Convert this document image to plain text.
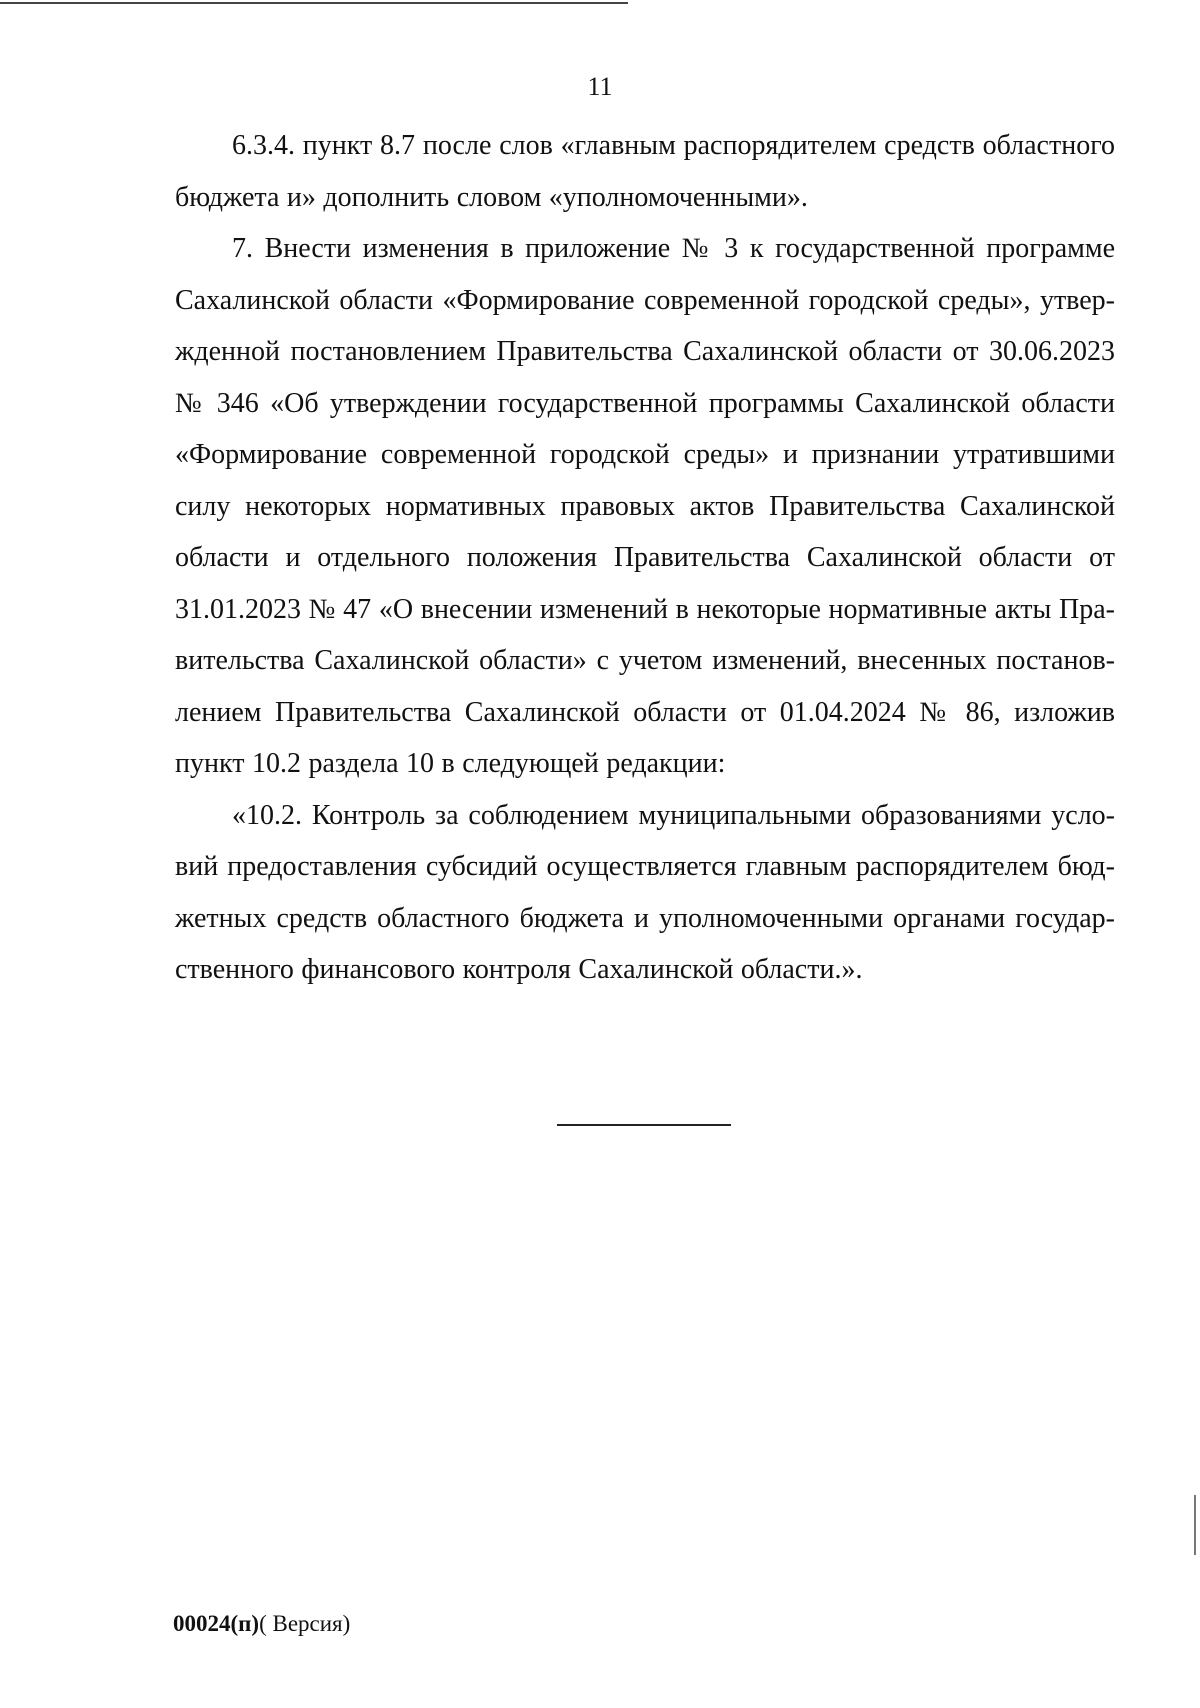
11

6.3.4. пункт 8.7 после слов «главным распорядителем средств областного бюджета и» дополнить словом «уполномоченными».

7. Внести изменения в приложение № 3 к государственной программе Сахалинской области «Формирование современной городской среды», утвержденной постановлением Правительства Сахалинской области от 30.06.2023 № 346 «Об утверждении государственной программы Сахалинской области «Формирование современной городской среды» и признании утратившими силу некоторых нормативных правовых актов Правительства Сахалинской области и отдельного положения Правительства Сахалинской области от 31.01.2023 № 47 «О внесении изменений в некоторые нормативные акты Правительства Сахалинской области» с учетом изменений, внесенных постановлением Правительства Сахалинской области от 01.04.2024 № 86, изложив пункт 10.2 раздела 10 в следующей редакции:

«10.2. Контроль за соблюдением муниципальными образованиями условий предоставления субсидий осуществляется главным распорядителем бюджетных средств областного бюджета и уполномоченными органами государственного финансового контроля Сахалинской области.».

00024(п)( Версия)
